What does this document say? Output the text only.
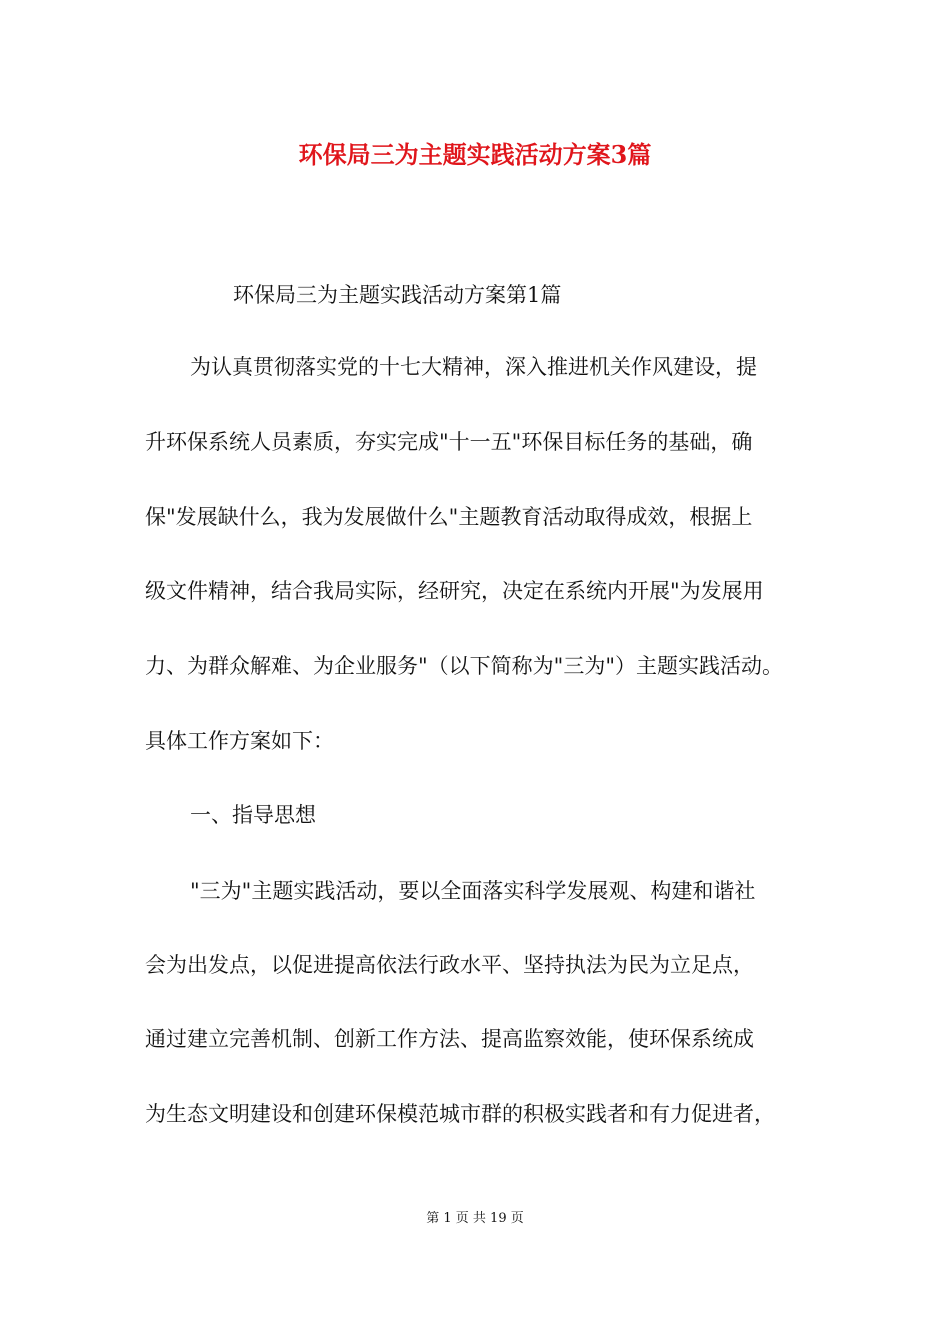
环保局三为主题实践活动方案3篇

环保局三为主题实践活动方案第1篇

为认真贯彻落实党的十七大精神，深入推进机关作风建设，提

升环保系统人员素质，夯实完成"十一五"环保目标任务的基础，确

保"发展缺什么，我为发展做什么"主题教育活动取得成效，根据上

级文件精神，结合我局实际，经研究，决定在系统内开展"为发展用

力、为群众解难、为企业服务"（以下简称为"三为"）主题实践活动。

具体工作方案如下：

一、指导思想

"三为"主题实践活动，要以全面落实科学发展观、构建和谐社

会为出发点，以促进提高依法行政水平、坚持执法为民为立足点，

通过建立完善机制、创新工作方法、提高监察效能，使环保系统成

为生态文明建设和创建环保模范城市群的积极实践者和有力促进者，

第 1 页 共 19 页
